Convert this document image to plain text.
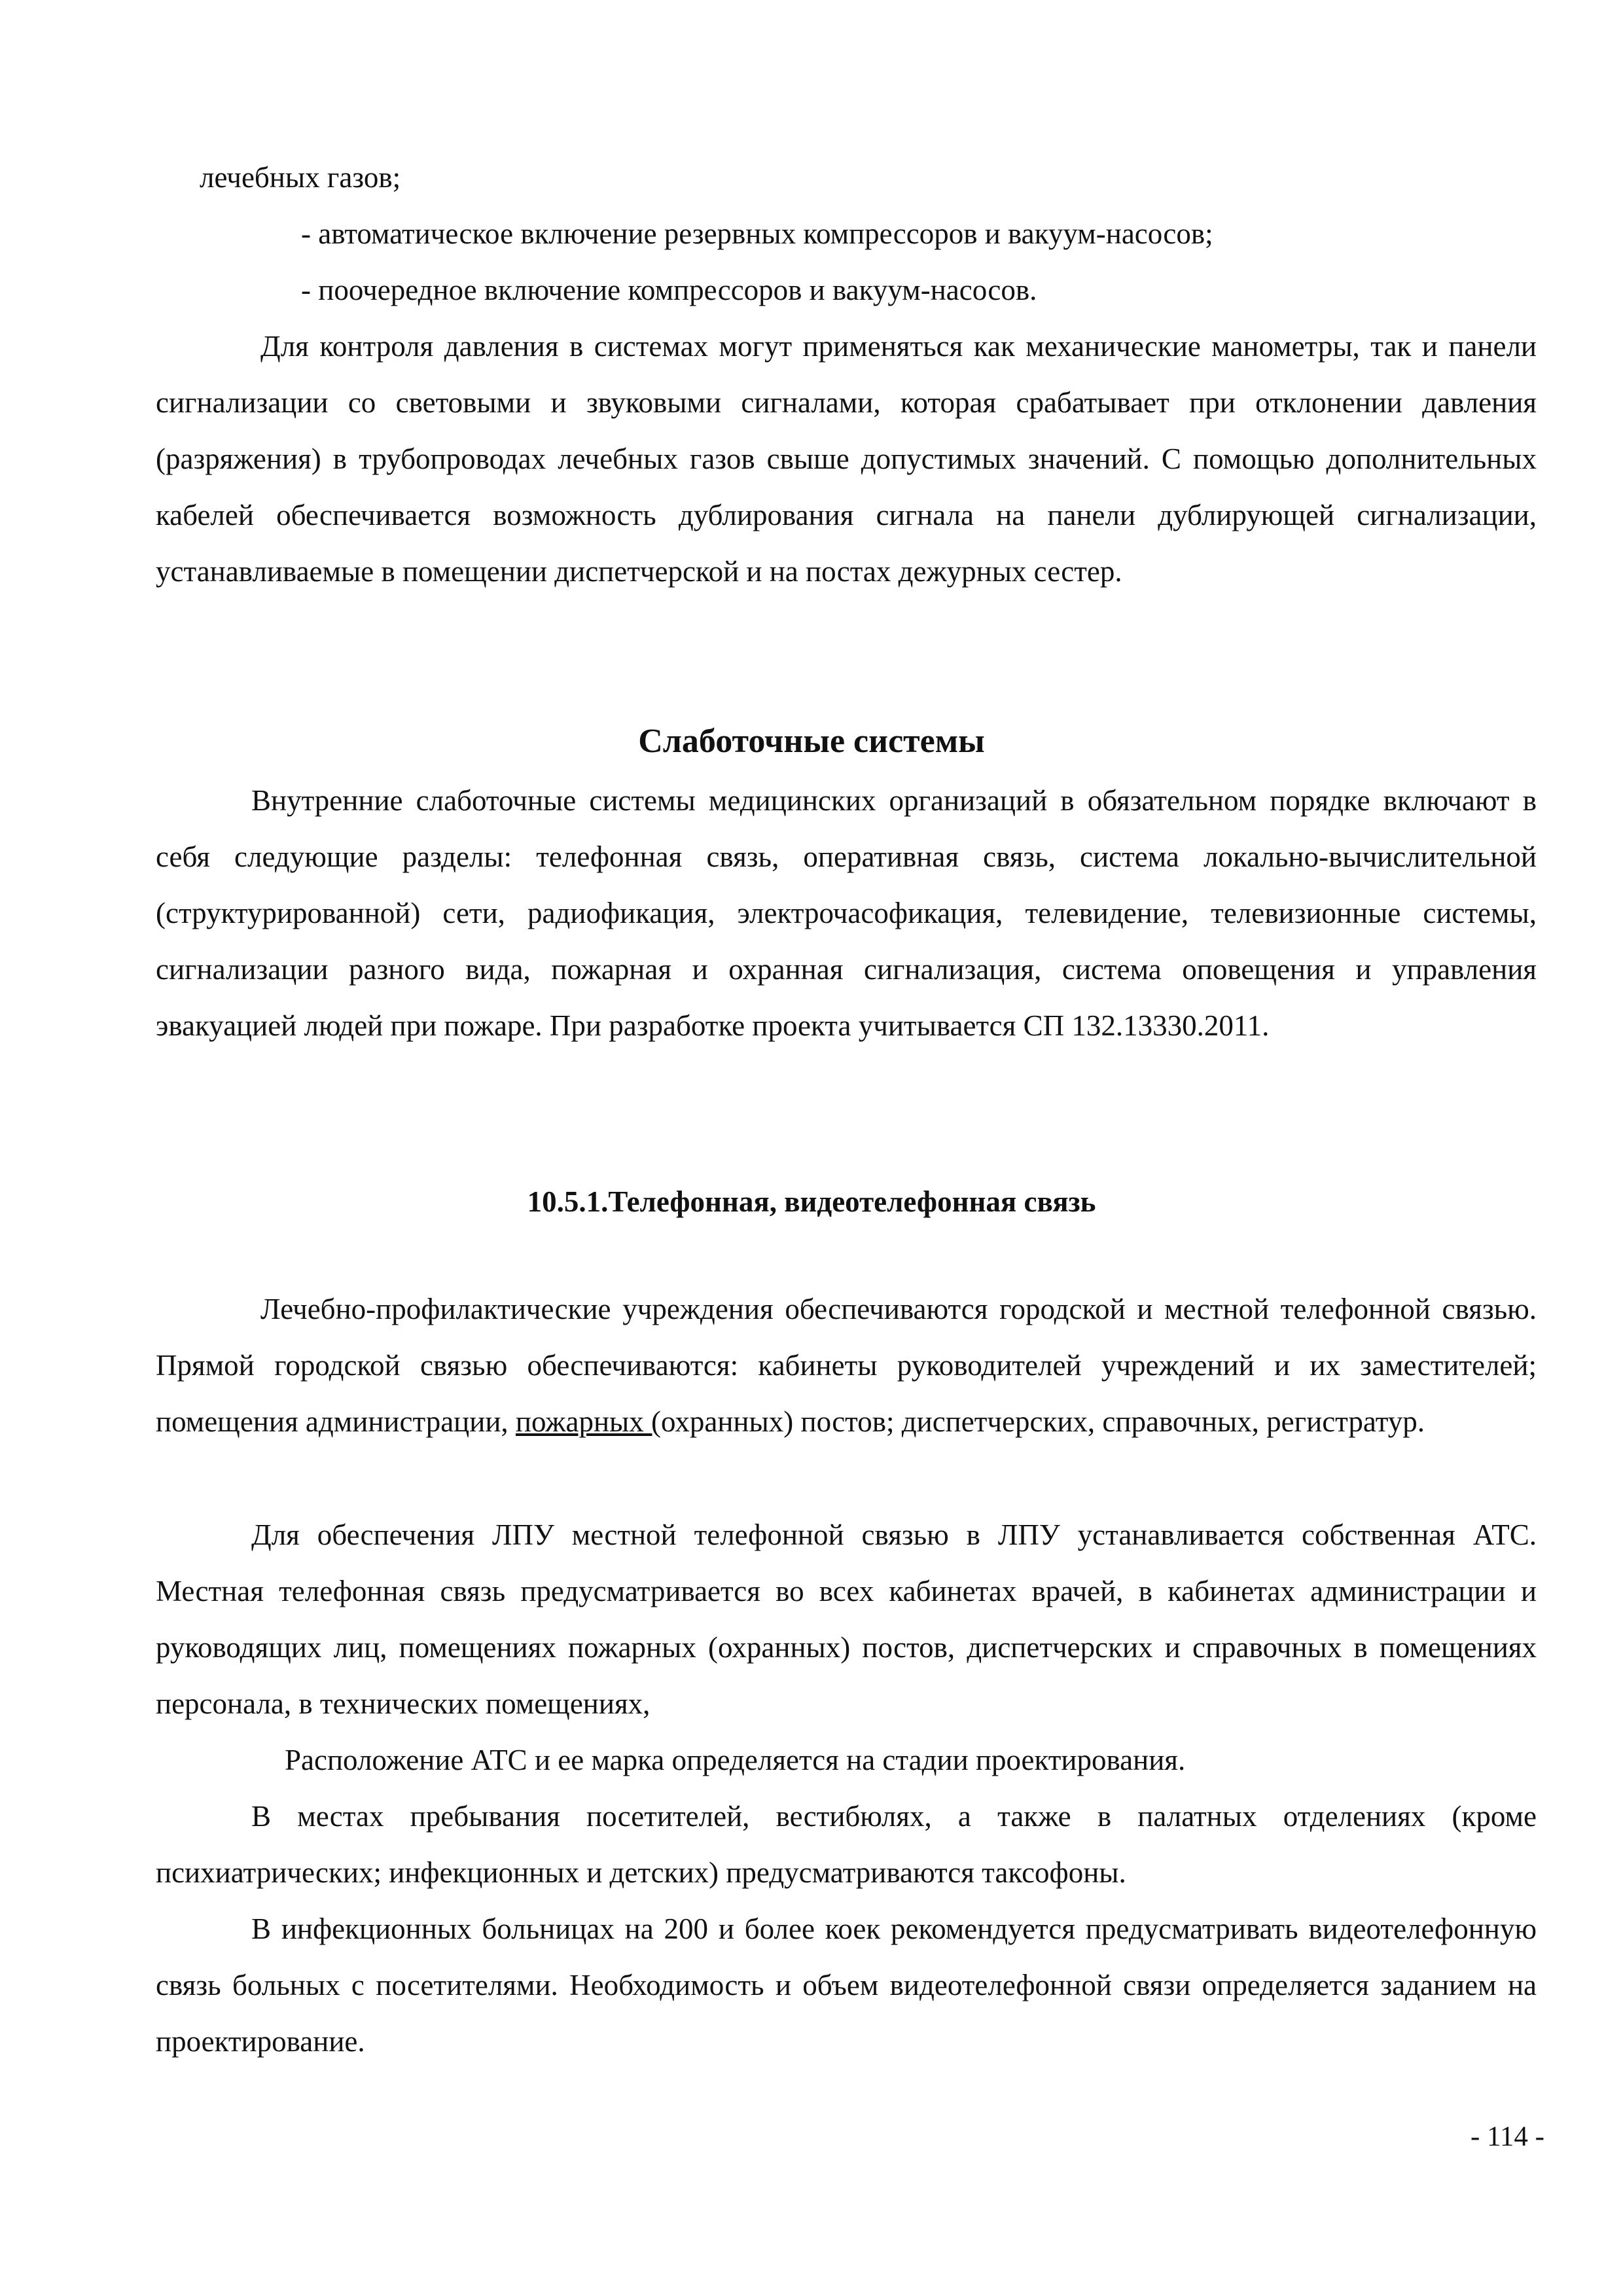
лечебных газов;

- автоматическое включение резервных компрессоров и вакуум-насосов;

- поочередное включение компрессоров и вакуум-насосов.

Для контроля давления в системах могут применяться как механические манометры, так и панели сигнализации со световыми и звуковыми сигналами, которая срабатывает при отклонении давления (разряжения) в трубопроводах лечебных газов свыше допустимых значений. С помощью дополнительных кабелей обеспечивается возможность дублирования сигнала на панели дублирующей сигнализации, устанавливаемые в помещении диспетчерской и на постах дежурных сестер.

Слаботочные системы

Внутренние слаботочные системы медицинских организаций в обязательном порядке включают в себя следующие разделы: телефонная связь, оперативная связь, система локально-вычислительной (структурированной) сети, радиофикация, электрочасофикация, телевидение, телевизионные системы, сигнализации разного вида, пожарная и охранная сигнализация, система оповещения и управления эвакуацией людей при пожаре. При разработке проекта учитывается СП 132.13330.2011.

10.5.1.Телефонная, видеотелефонная связь

Лечебно-профилактические учреждения обеспечиваются городской и местной телефонной связью. Прямой городской связью обеспечиваются: кабинеты руководителей учреждений и их заместителей; помещения администрации, пожарных (охранных) постов; диспетчерских, справочных, регистратур.

Для обеспечения ЛПУ местной телефонной связью в ЛПУ устанавливается собственная АТС. Местная телефонная связь предусматривается во всех кабинетах врачей, в кабинетах администрации и руководящих лиц, помещениях пожарных (охранных) постов, диспетчерских и справочных в помещениях персонала, в технических помещениях,

Расположение АТС и ее марка определяется на стадии проектирования.

В местах пребывания посетителей, вестибюлях, а также в палатных отделениях (кроме психиатрических; инфекционных и детских) предусматриваются таксофоны.

В инфекционных больницах на 200 и более коек рекомендуется предусматривать видеотелефонную связь больных с посетителями. Необходимость и объем видеотелефонной связи определяется заданием на проектирование.

- 114 -
